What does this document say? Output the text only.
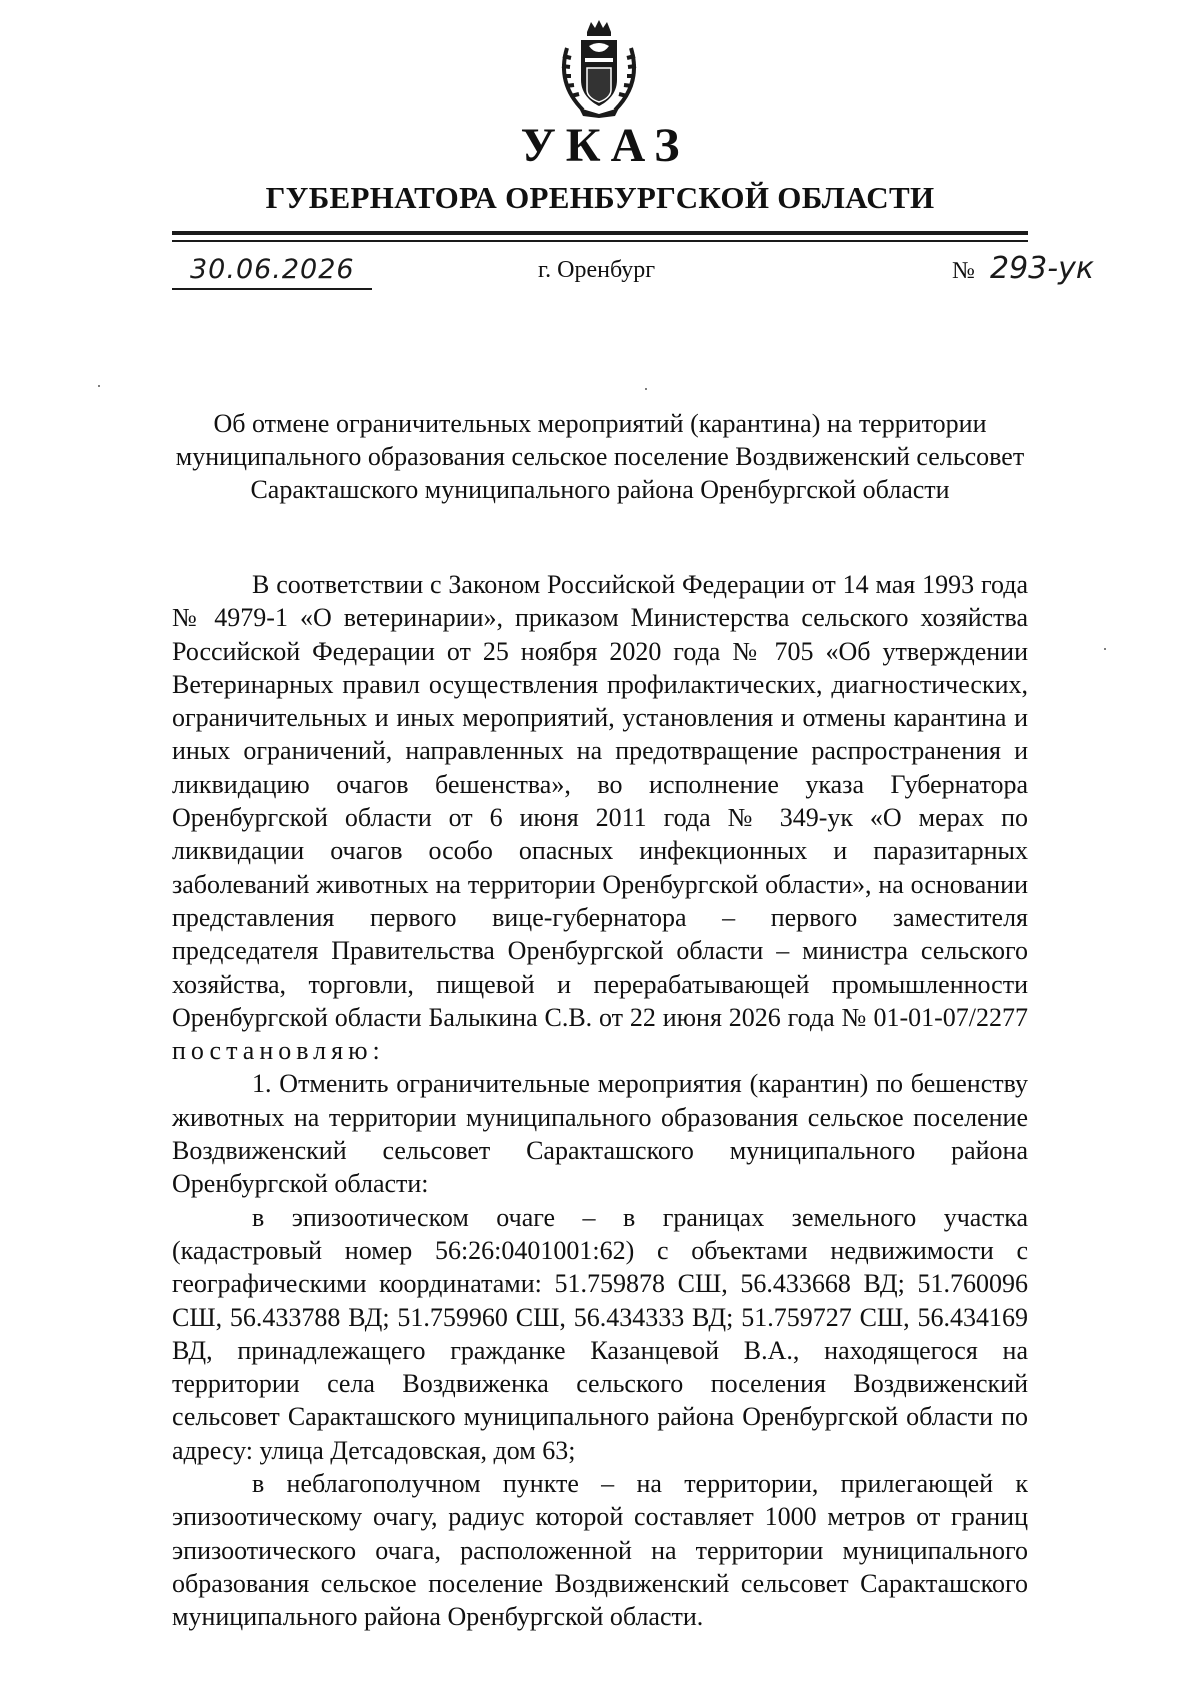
УКАЗ
ГУБЕРНАТОРА ОРЕНБУРГСКОЙ ОБЛАСТИ
30.06.2026	г. Оренбург	№ 293-ук
Об отмене ограничительных мероприятий (карантина) на территории муниципального образования сельское поселение Воздвиженский сельсовет Саракташского муниципального района Оренбургской области

В соответствии с Законом Российской Федерации от 14 мая 1993 года № 4979-1 «О ветеринарии», приказом Министерства сельского хозяйства Российской Федерации от 25 ноября 2020 года № 705 «Об утверждении Ветеринарных правил осуществления профилактических, диагностических, ограничительных и иных мероприятий, установления и отмены карантина и иных ограничений, направленных на предотвращение распространения и ликвидацию очагов бешенства», во исполнение указа Губернатора Оренбургской области от 6 июня 2011 года № 349-ук «О мерах по ликвидации очагов особо опасных инфекционных и паразитарных заболеваний животных на территории Оренбургской области», на основании представления первого вице-губернатора – первого заместителя председателя Правительства Оренбургской области – министра сельского хозяйства, торговли, пищевой и перерабатывающей промышленности Оренбургской области Балыкина С.В. от 22 июня 2026 года № 01-01-07/2277 постановляю:

1. Отменить ограничительные мероприятия (карантин) по бешенству животных на территории муниципального образования сельское поселение Воздвиженский сельсовет Саракташского муниципального района Оренбургской области:

в эпизоотическом очаге – в границах земельного участка (кадастровый номер 56:26:0401001:62) с объектами недвижимости с географическими координатами: 51.759878 СШ, 56.433668 ВД; 51.760096 СШ, 56.433788 ВД; 51.759960 СШ, 56.434333 ВД; 51.759727 СШ, 56.434169 ВД, принадлежащего гражданке Казанцевой В.А., находящегося на территории села Воздвиженка сельского поселения Воздвиженский сельсовет Саракташского муниципального района Оренбургской области по адресу: улица Детсадовская, дом 63;

в неблагополучном пункте – на территории, прилегающей к эпизоотическому очагу, радиус которой составляет 1000 метров от границ эпизоотического очага, расположенной на территории муниципального образования сельское поселение Воздвиженский сельсовет Саракташского муниципального района Оренбургской области.
